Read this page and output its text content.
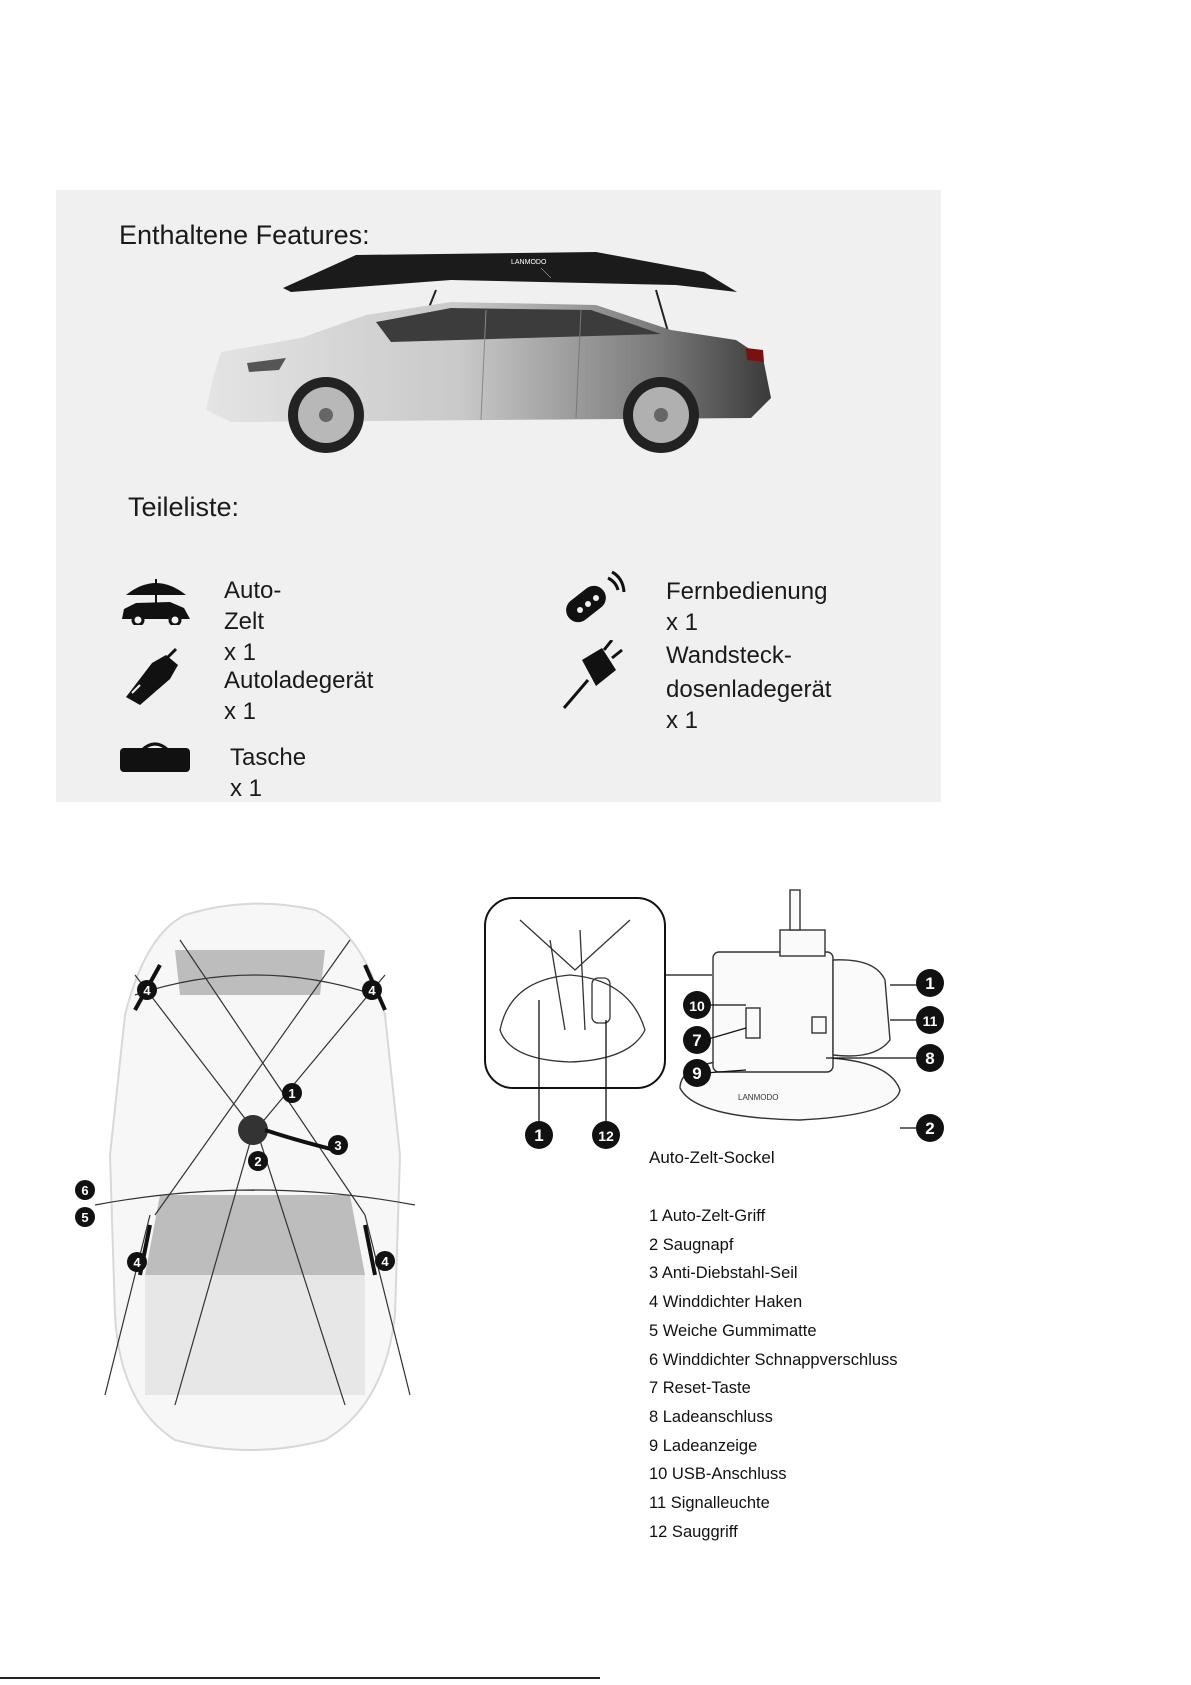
Enthaltene Features:
LANMODO
Teileliste:
Auto-Zelt x 1
Fernbedienung x 1
Autoladegerät x 1
Wandsteck-
dosenladegerät x 1
Tasche x 1
4	4
1
2
3
6
5
4	4
LANMODO
1	12
10
7
9
1
11
8
2
Auto-Zelt-Sockel
1 Auto-Zelt-Griff
2 Saugnapf
3 Anti-Diebstahl-Seil
4 Winddichter Haken
5 Weiche Gummimatte
6 Winddichter Schnappverschluss
7 Reset-Taste
8 Ladeanschluss
9 Ladeanzeige
10 USB-Anschluss
11 Signalleuchte
12 Sauggriff
